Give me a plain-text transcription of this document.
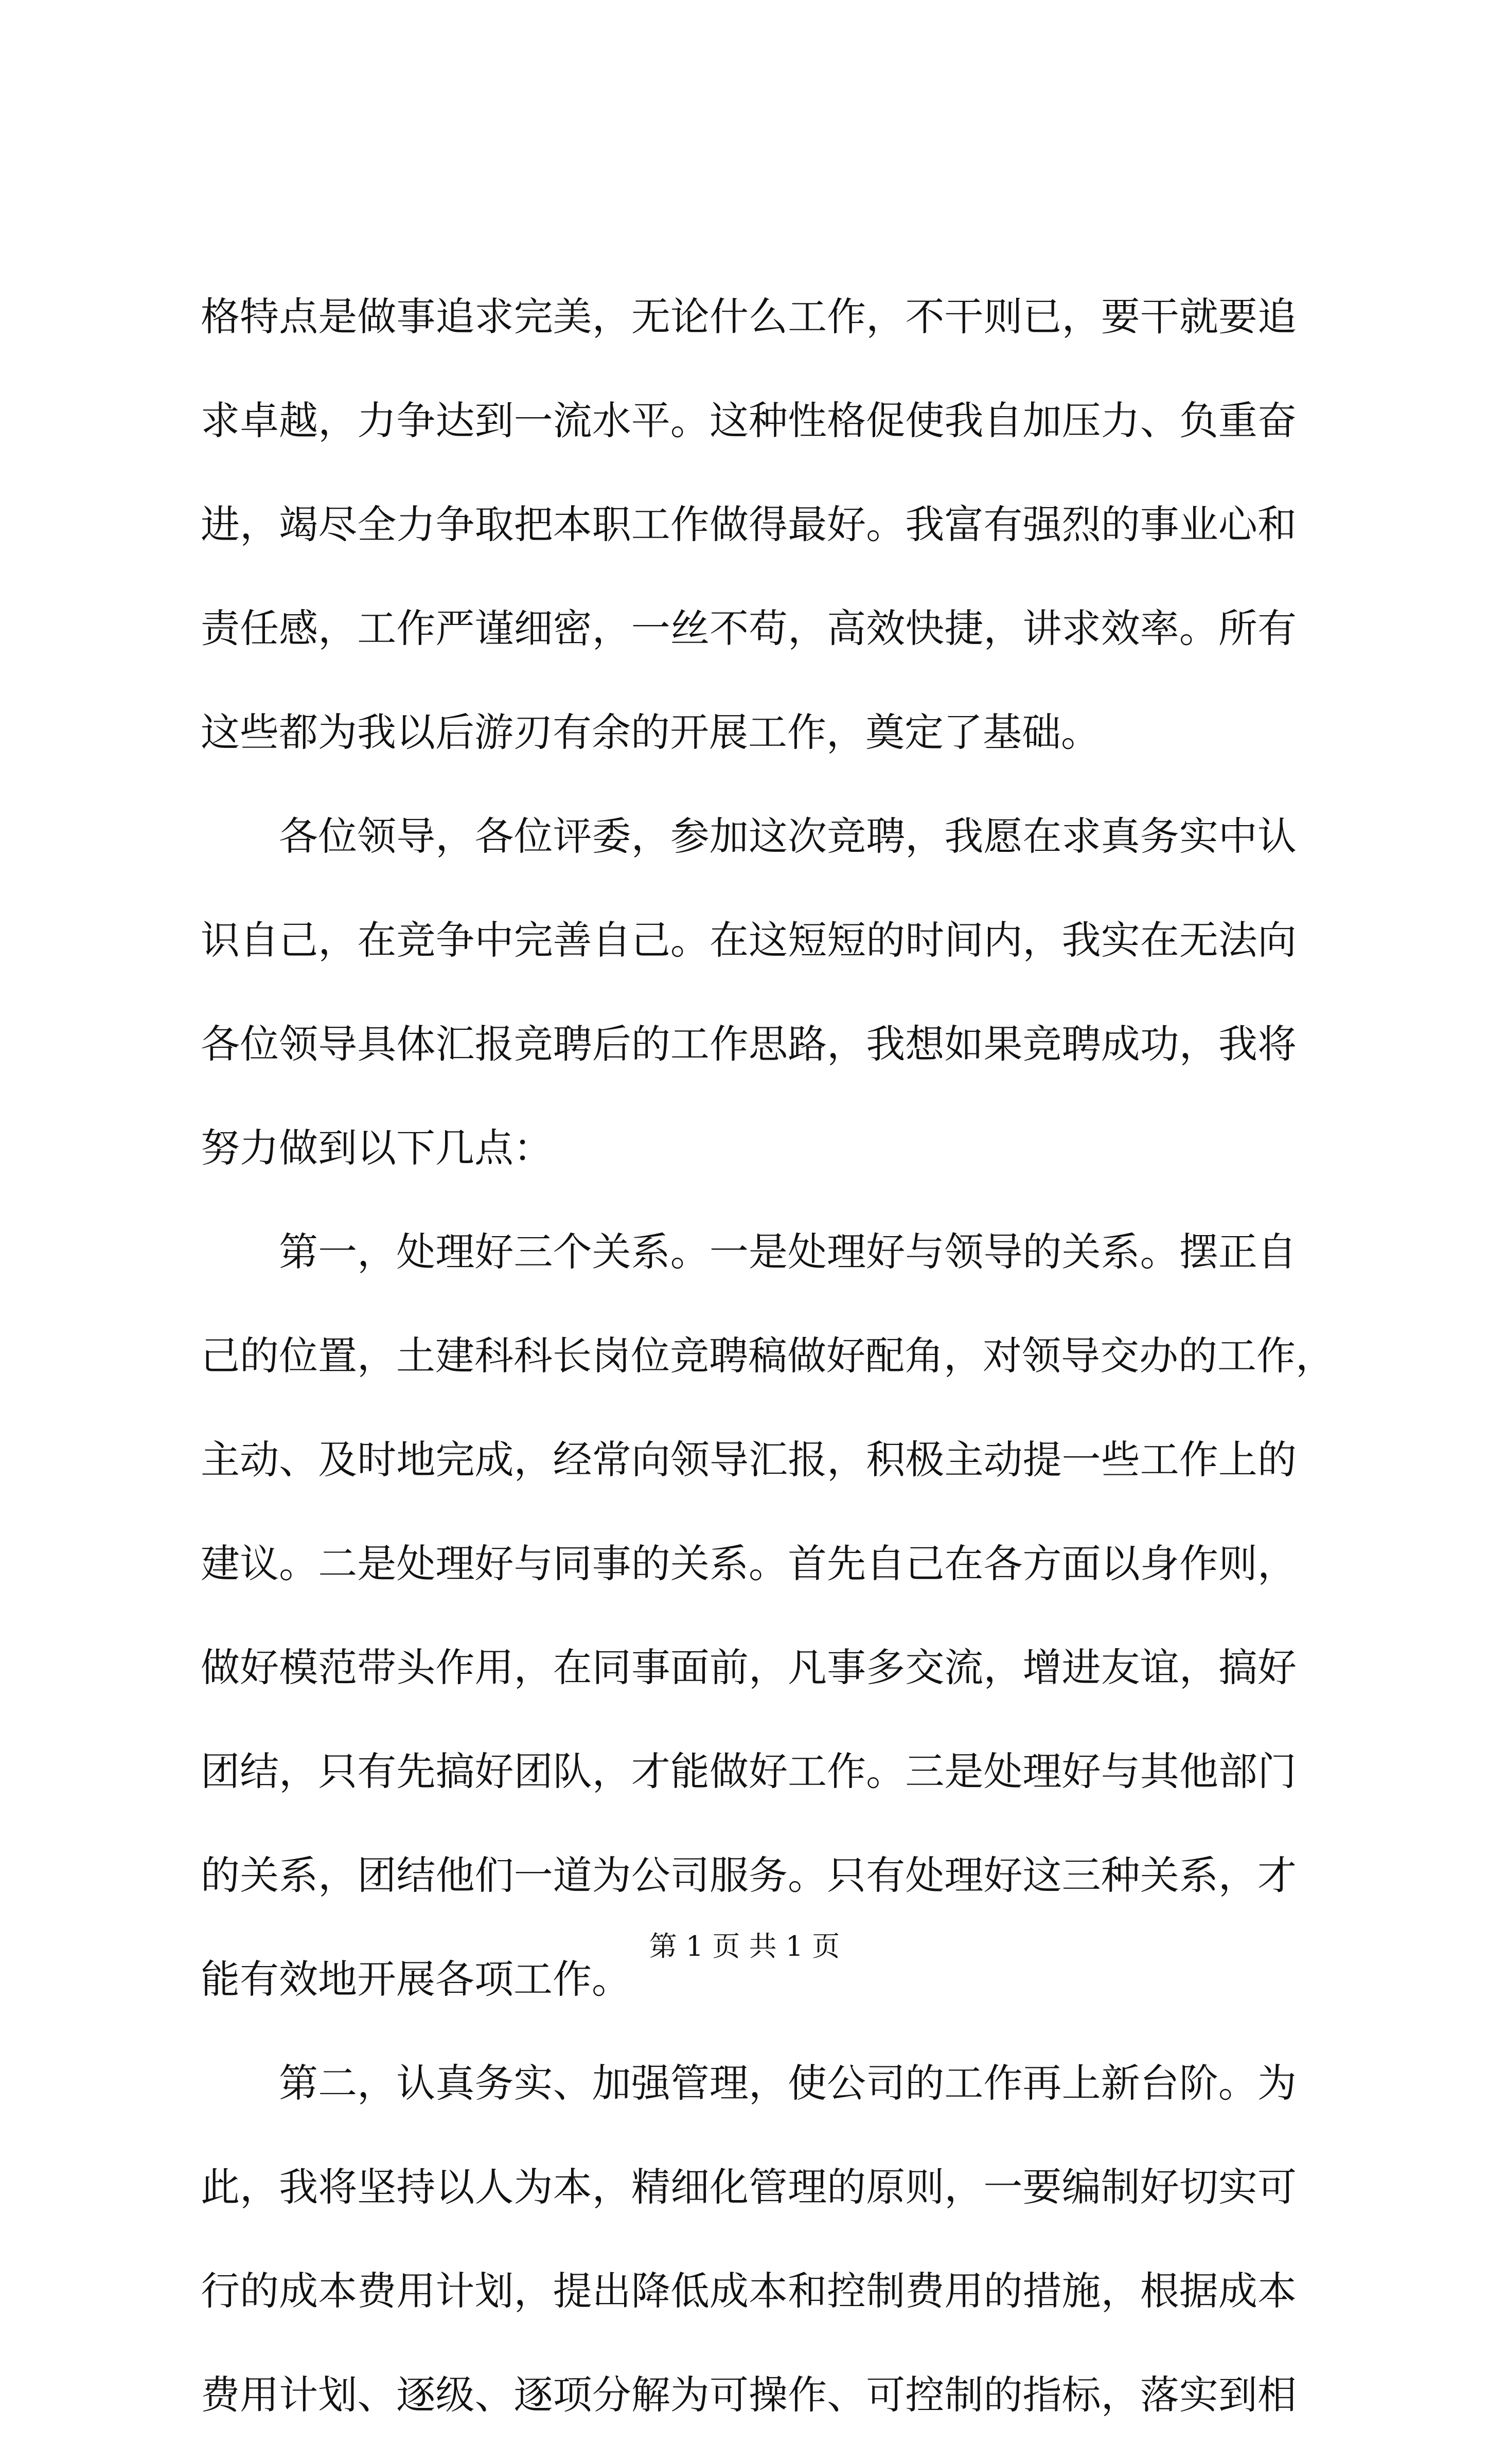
格特点是做事追求完美，无论什么工作，不干则已，要干就要追
求卓越，力争达到一流水平。这种性格促使我自加压力、负重奋
进，竭尽全力争取把本职工作做得最好。我富有强烈的事业心和
责任感，工作严谨细密，一丝不苟，高效快捷，讲求效率。所有
这些都为我以后游刃有余的开展工作，奠定了基础。
各位领导，各位评委，参加这次竞聘，我愿在求真务实中认
识自己，在竞争中完善自己。在这短短的时间内，我实在无法向
各位领导具体汇报竞聘后的工作思路，我想如果竞聘成功，我将
努力做到以下几点：
第一，处理好三个关系。一是处理好与领导的关系。摆正自
己的位置，土建科科长岗位竞聘稿做好配角，对领导交办的工作，
主动、及时地完成，经常向领导汇报，积极主动提一些工作上的
建议。二是处理好与同事的关系。首先自己在各方面以身作则，
做好模范带头作用，在同事面前，凡事多交流，增进友谊，搞好
团结，只有先搞好团队，才能做好工作。三是处理好与其他部门
的关系，团结他们一道为公司服务。只有处理好这三种关系，才
能有效地开展各项工作。
第二，认真务实、加强管理，使公司的工作再上新台阶。为
此，我将坚持以人为本，精细化管理的原则，一要编制好切实可
行的成本费用计划，提出降低成本和控制费用的措施，根据成本
费用计划、逐级、逐项分解为可操作、可控制的指标，落实到相
第 1 页 共 1 页
